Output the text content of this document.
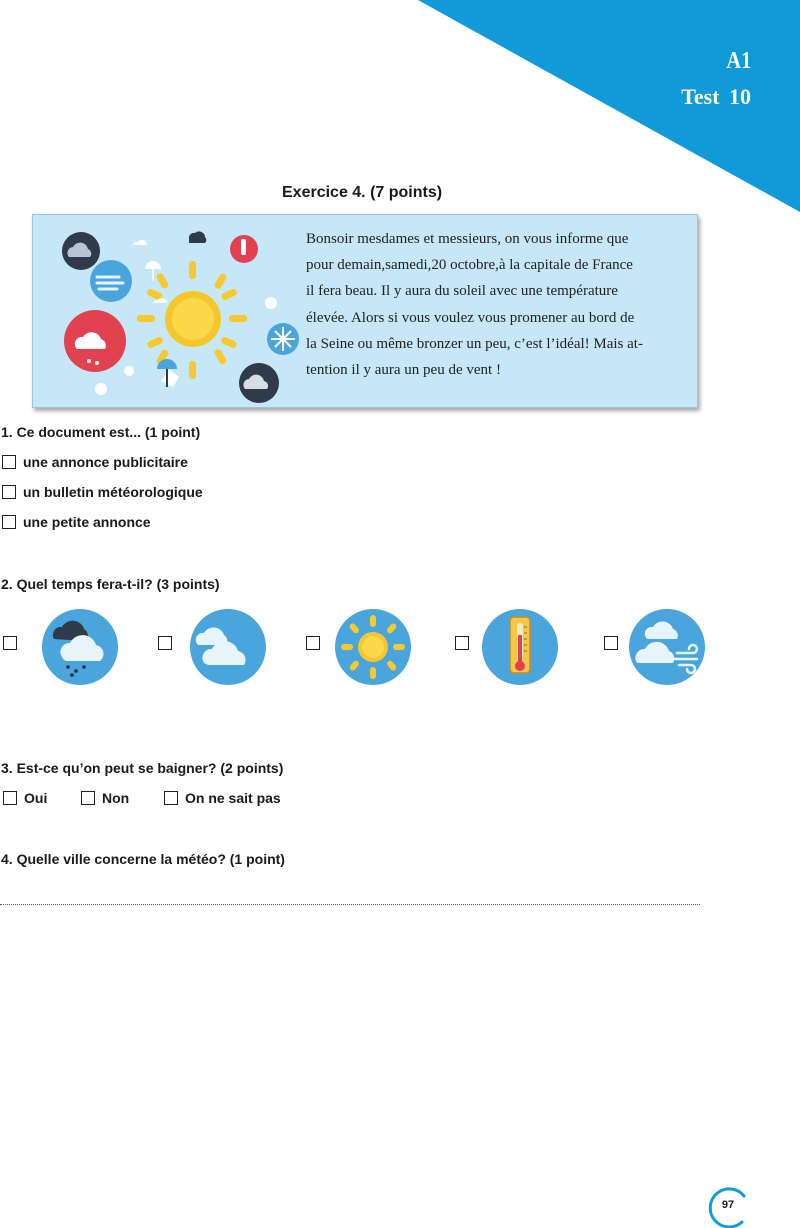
A1
Test 10
Exercice 4. (7 points)
Bonsoir mesdames et messieurs, on vous informe que
pour demain,samedi,20 octobre,à la capitale de France
il fera beau. Il y aura du soleil avec une température
élevée. Alors si vous voulez vous promener au bord de
la Seine ou même bronzer un peu, c’est l’idéal! Mais at-
tention il y aura un peu de vent !
1. Ce document est... (1 point)
une annonce publicitaire
un bulletin météorologique
une petite annonce
2. Quel temps fera-t-il? (3 points)
3. Est-ce qu’on peut se baigner? (2 points)
Oui	Non	On ne sait pas
4. Quelle ville concerne la météo? (1 point)
97
